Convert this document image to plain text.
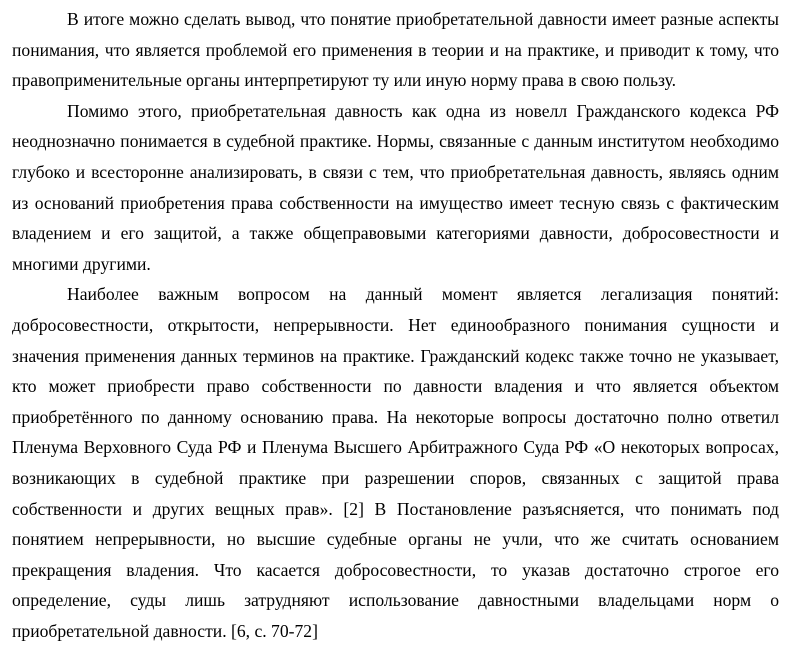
В итоге можно сделать вывод, что понятие приобретательной давности имеет разные аспекты понимания, что является проблемой его применения в теории и на практике, и приводит к тому, что правоприменительные органы интерпретируют ту или иную норму права в свою пользу.

Помимо этого, приобретательная давность как одна из новелл Гражданского кодекса РФ неоднозначно понимается в судебной практике. Нормы, связанные с данным институтом необходимо глубоко и всесторонне анализировать, в связи с тем, что приобретательная давность, являясь одним из оснований приобретения права собственности на имущество имеет тесную связь с фактическим владением и его защитой, а также общеправовыми категориями давности, добросовестности и многими другими.

Наиболее важным вопросом на данный момент является легализация понятий: добросовестности, открытости, непрерывности. Нет единообразного понимания сущности и значения применения данных терминов на практике. Гражданский кодекс также точно не указывает, кто может приобрести право собственности по давности владения и что является объектом приобретённого по данному основанию права. На некоторые вопросы достаточно полно ответил Пленума Верховного Суда РФ и Пленума Высшего Арбитражного Суда РФ «О некоторых вопросах, возникающих в судебной практике при разрешении споров, связанных с защитой права собственности и других вещных прав». [2] В Постановление разъясняется, что понимать под понятием непрерывности, но высшие судебные органы не учли, что же считать основанием прекращения владения. Что касается добросовестности, то указав достаточно строгое его определение, суды лишь затрудняют использование давностными владельцами норм о приобретательной давности. [6, с. 70-72]
